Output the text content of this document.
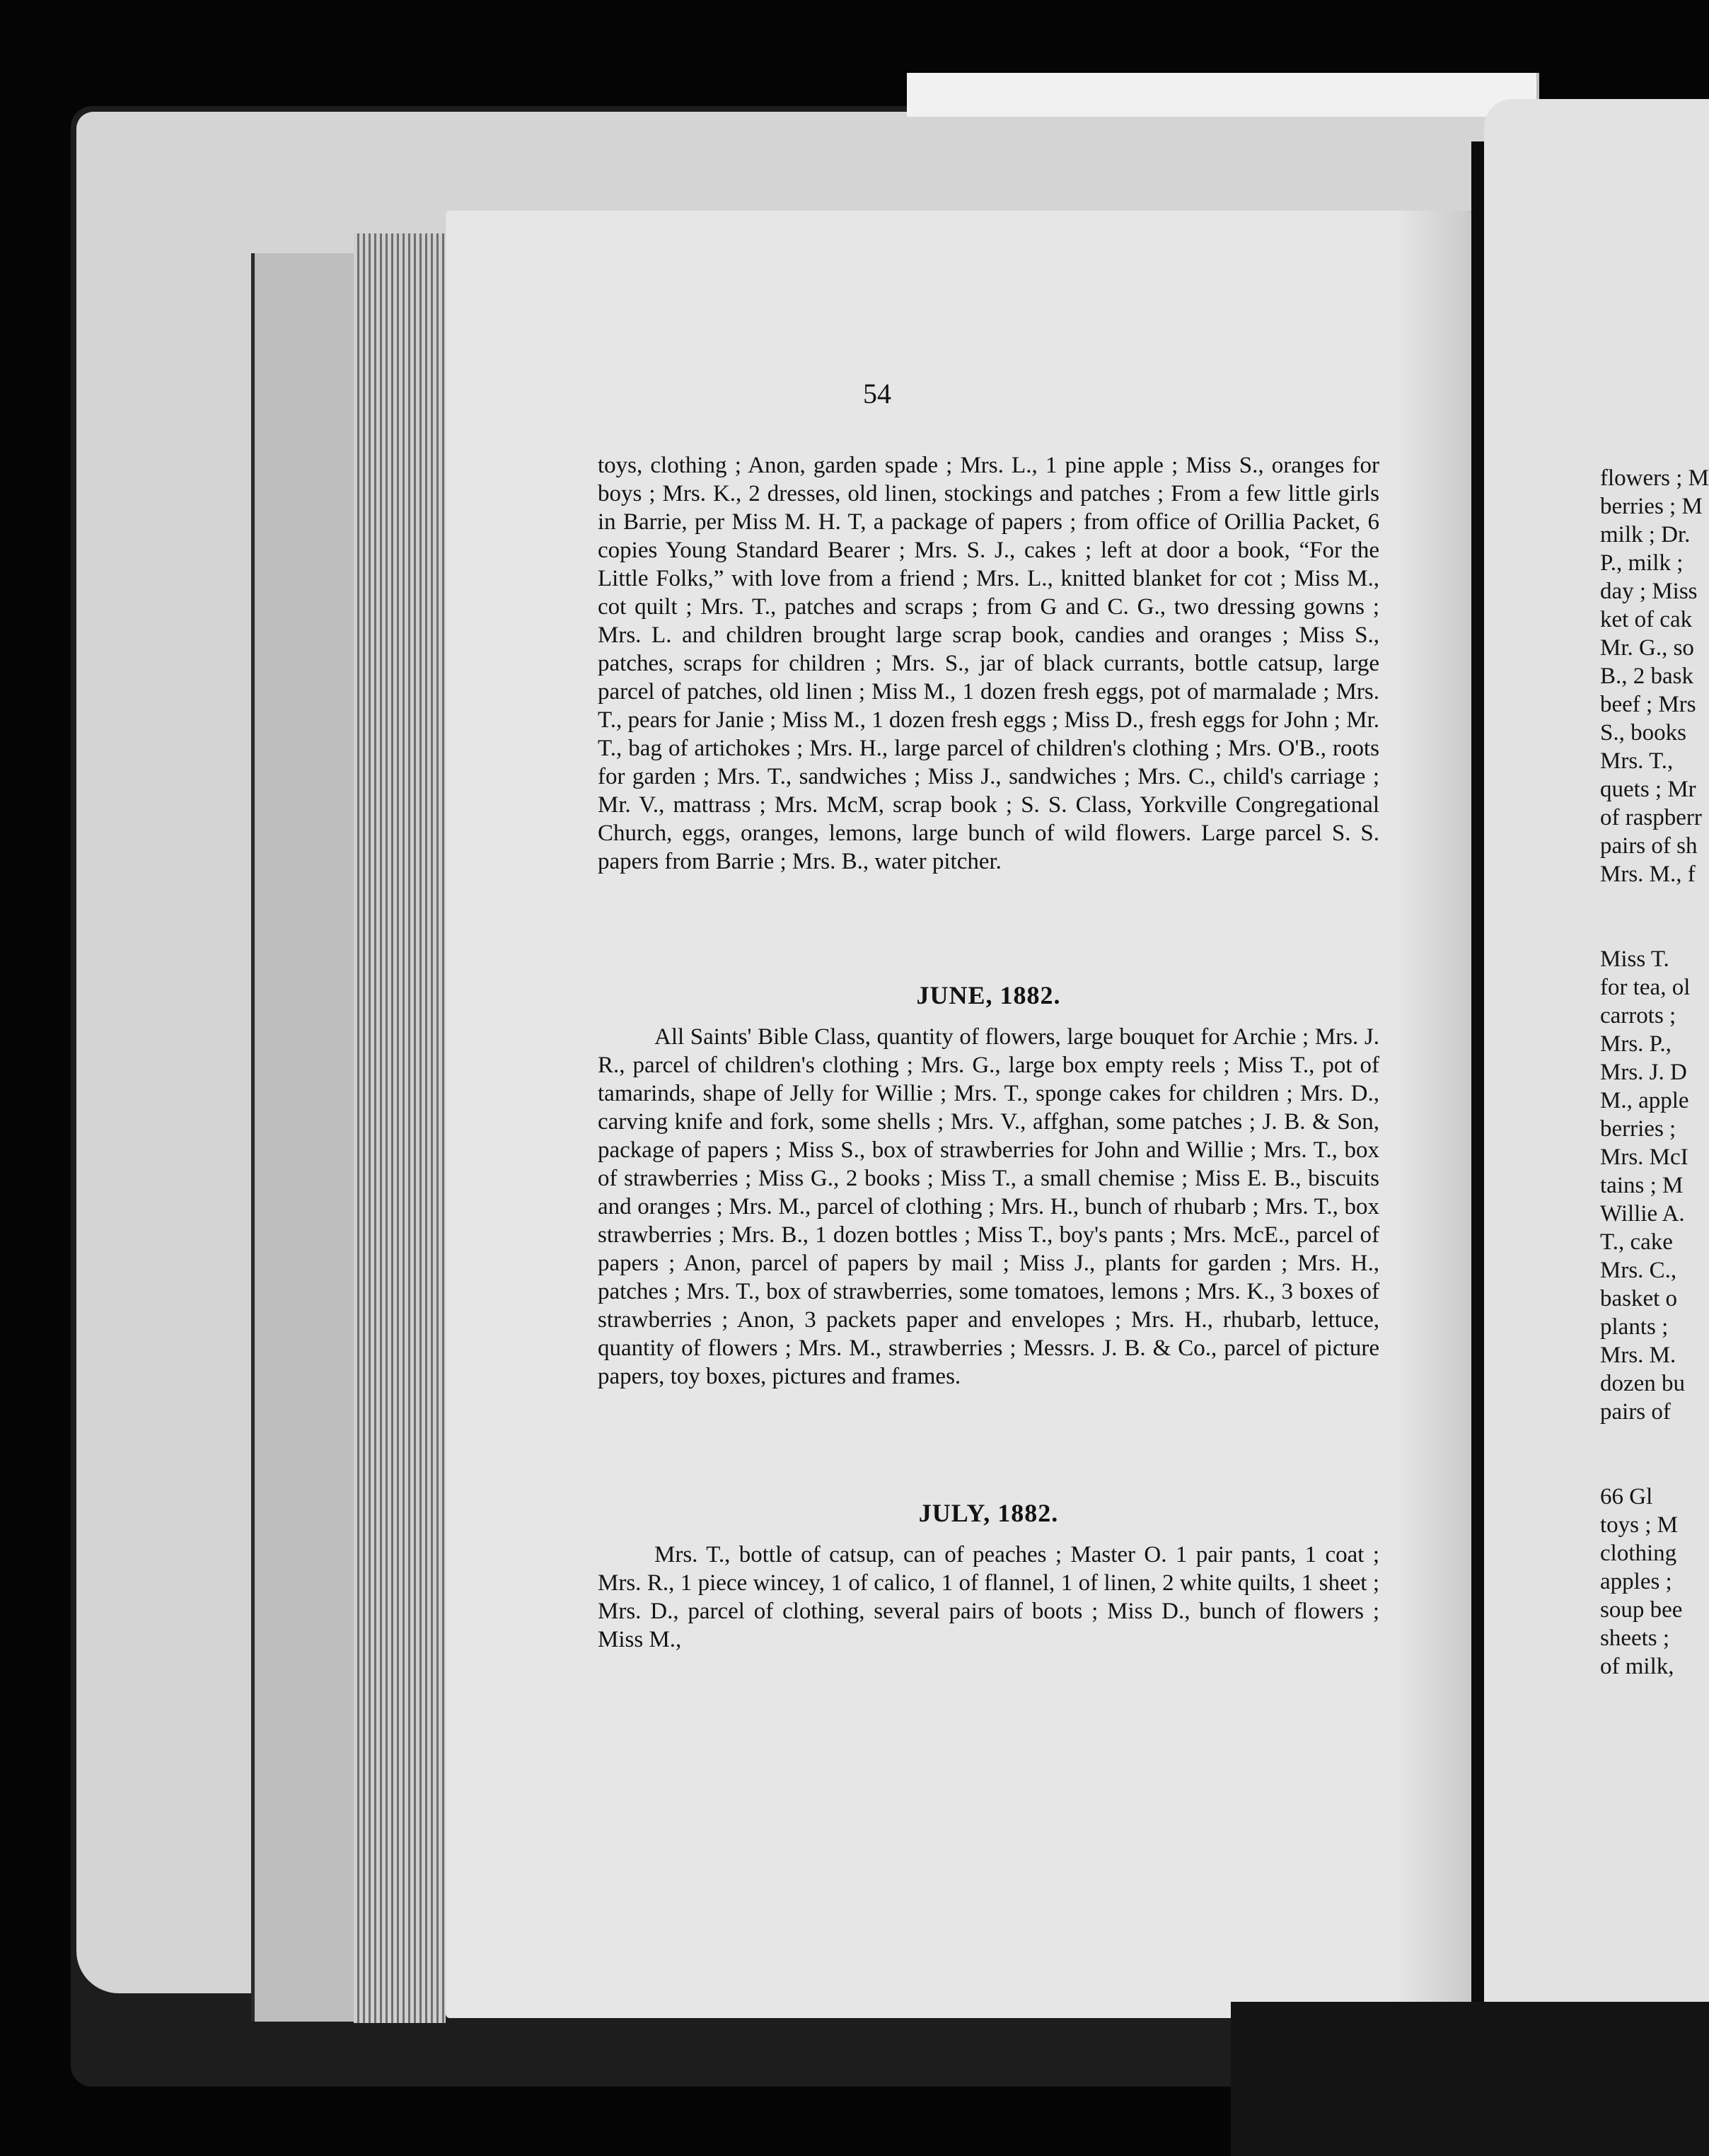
54

toys, clothing ; Anon, garden spade ; Mrs. L., 1 pine apple ; Miss S., oranges for boys ; Mrs. K., 2 dresses, old linen, stockings and patches ; From a few little girls in Barrie, per Miss M. H. T, a package of papers ; from office of Orillia Packet, 6 copies Young Standard Bearer ; Mrs. S. J., cakes ; left at door a book, “For the Little Folks,” with love from a friend ; Mrs. L., knitted blanket for cot ; Miss M., cot quilt ; Mrs. T., patches and scraps ; from G and C. G., two dressing gowns ; Mrs. L. and children brought large scrap book, candies and oranges ; Miss S., patches, scraps for children ; Mrs. S., jar of black currants, bottle catsup, large parcel of patches, old linen ; Miss M., 1 dozen fresh eggs, pot of marmalade ; Mrs. T., pears for Janie ; Miss M., 1 dozen fresh eggs ; Miss D., fresh eggs for John ; Mr. T., bag of artichokes ; Mrs. H., large parcel of children's clothing ; Mrs. O'B., roots for garden ; Mrs. T., sandwiches ; Miss J., sandwiches ; Mrs. C., child's carriage ; Mr. V., mattrass ; Mrs. McM, scrap book ; S. S. Class, Yorkville Congregational Church, eggs, oranges, lemons, large bunch of wild flowers. Large parcel S. S. papers from Barrie ; Mrs. B., water pitcher.

JUNE, 1882.

All Saints' Bible Class, quantity of flowers, large bouquet for Archie ; Mrs. J. R., parcel of children's clothing ; Mrs. G., large box empty reels ; Miss T., pot of tamarinds, shape of Jelly for Willie ; Mrs. T., sponge cakes for children ; Mrs. D., carving knife and fork, some shells ; Mrs. V., affghan, some patches ; J. B. & Son, package of papers ; Miss S., box of strawberries for John and Willie ; Mrs. T., box of strawberries ; Miss G., 2 books ; Miss T., a small chemise ; Miss E. B., biscuits and oranges ; Mrs. M., parcel of clothing ; Mrs. H., bunch of rhubarb ; Mrs. T., box strawberries ; Mrs. B., 1 dozen bottles ; Miss T., boy's pants ; Mrs. McE., parcel of papers ; Anon, parcel of papers by mail ; Miss J., plants for garden ; Mrs. H., patches ; Mrs. T., box of strawberries, some tomatoes, lemons ; Mrs. K., 3 boxes of strawberries ; Anon, 3 packets paper and envelopes ; Mrs. H., rhubarb, lettuce, quantity of flowers ; Mrs. M., strawberries ; Messrs. J. B. & Co., parcel of picture papers, toy boxes, pictures and frames.

JULY, 1882.

Mrs. T., bottle of catsup, can of peaches ; Master O. 1 pair pants, 1 coat ; Mrs. R., 1 piece wincey, 1 of calico, 1 of flannel, 1 of linen, 2 white quilts, 1 sheet ; Mrs. D., parcel of clothing, several pairs of boots ; Miss D., bunch of flowers ; Miss M.,

flowers ; M

berries ; M

milk ; Dr.

P., milk ;

day ; Miss

ket of cak

Mr. G., so

B., 2 bask

beef ; Mrs

S., books

Mrs. T.,

quets ; Mr

of raspberr

pairs of sh

Mrs. M., f

Miss T.

for tea, ol

carrots ;

Mrs. P.,

Mrs. J. D

M., apple

berries ;

Mrs. McI

tains ; M

Willie A.

T., cake

Mrs. C.,

basket o

plants ;

Mrs. M.

dozen bu

pairs of

66 Gl

toys ; M

clothing

apples ;

soup bee

sheets ;

of milk,
